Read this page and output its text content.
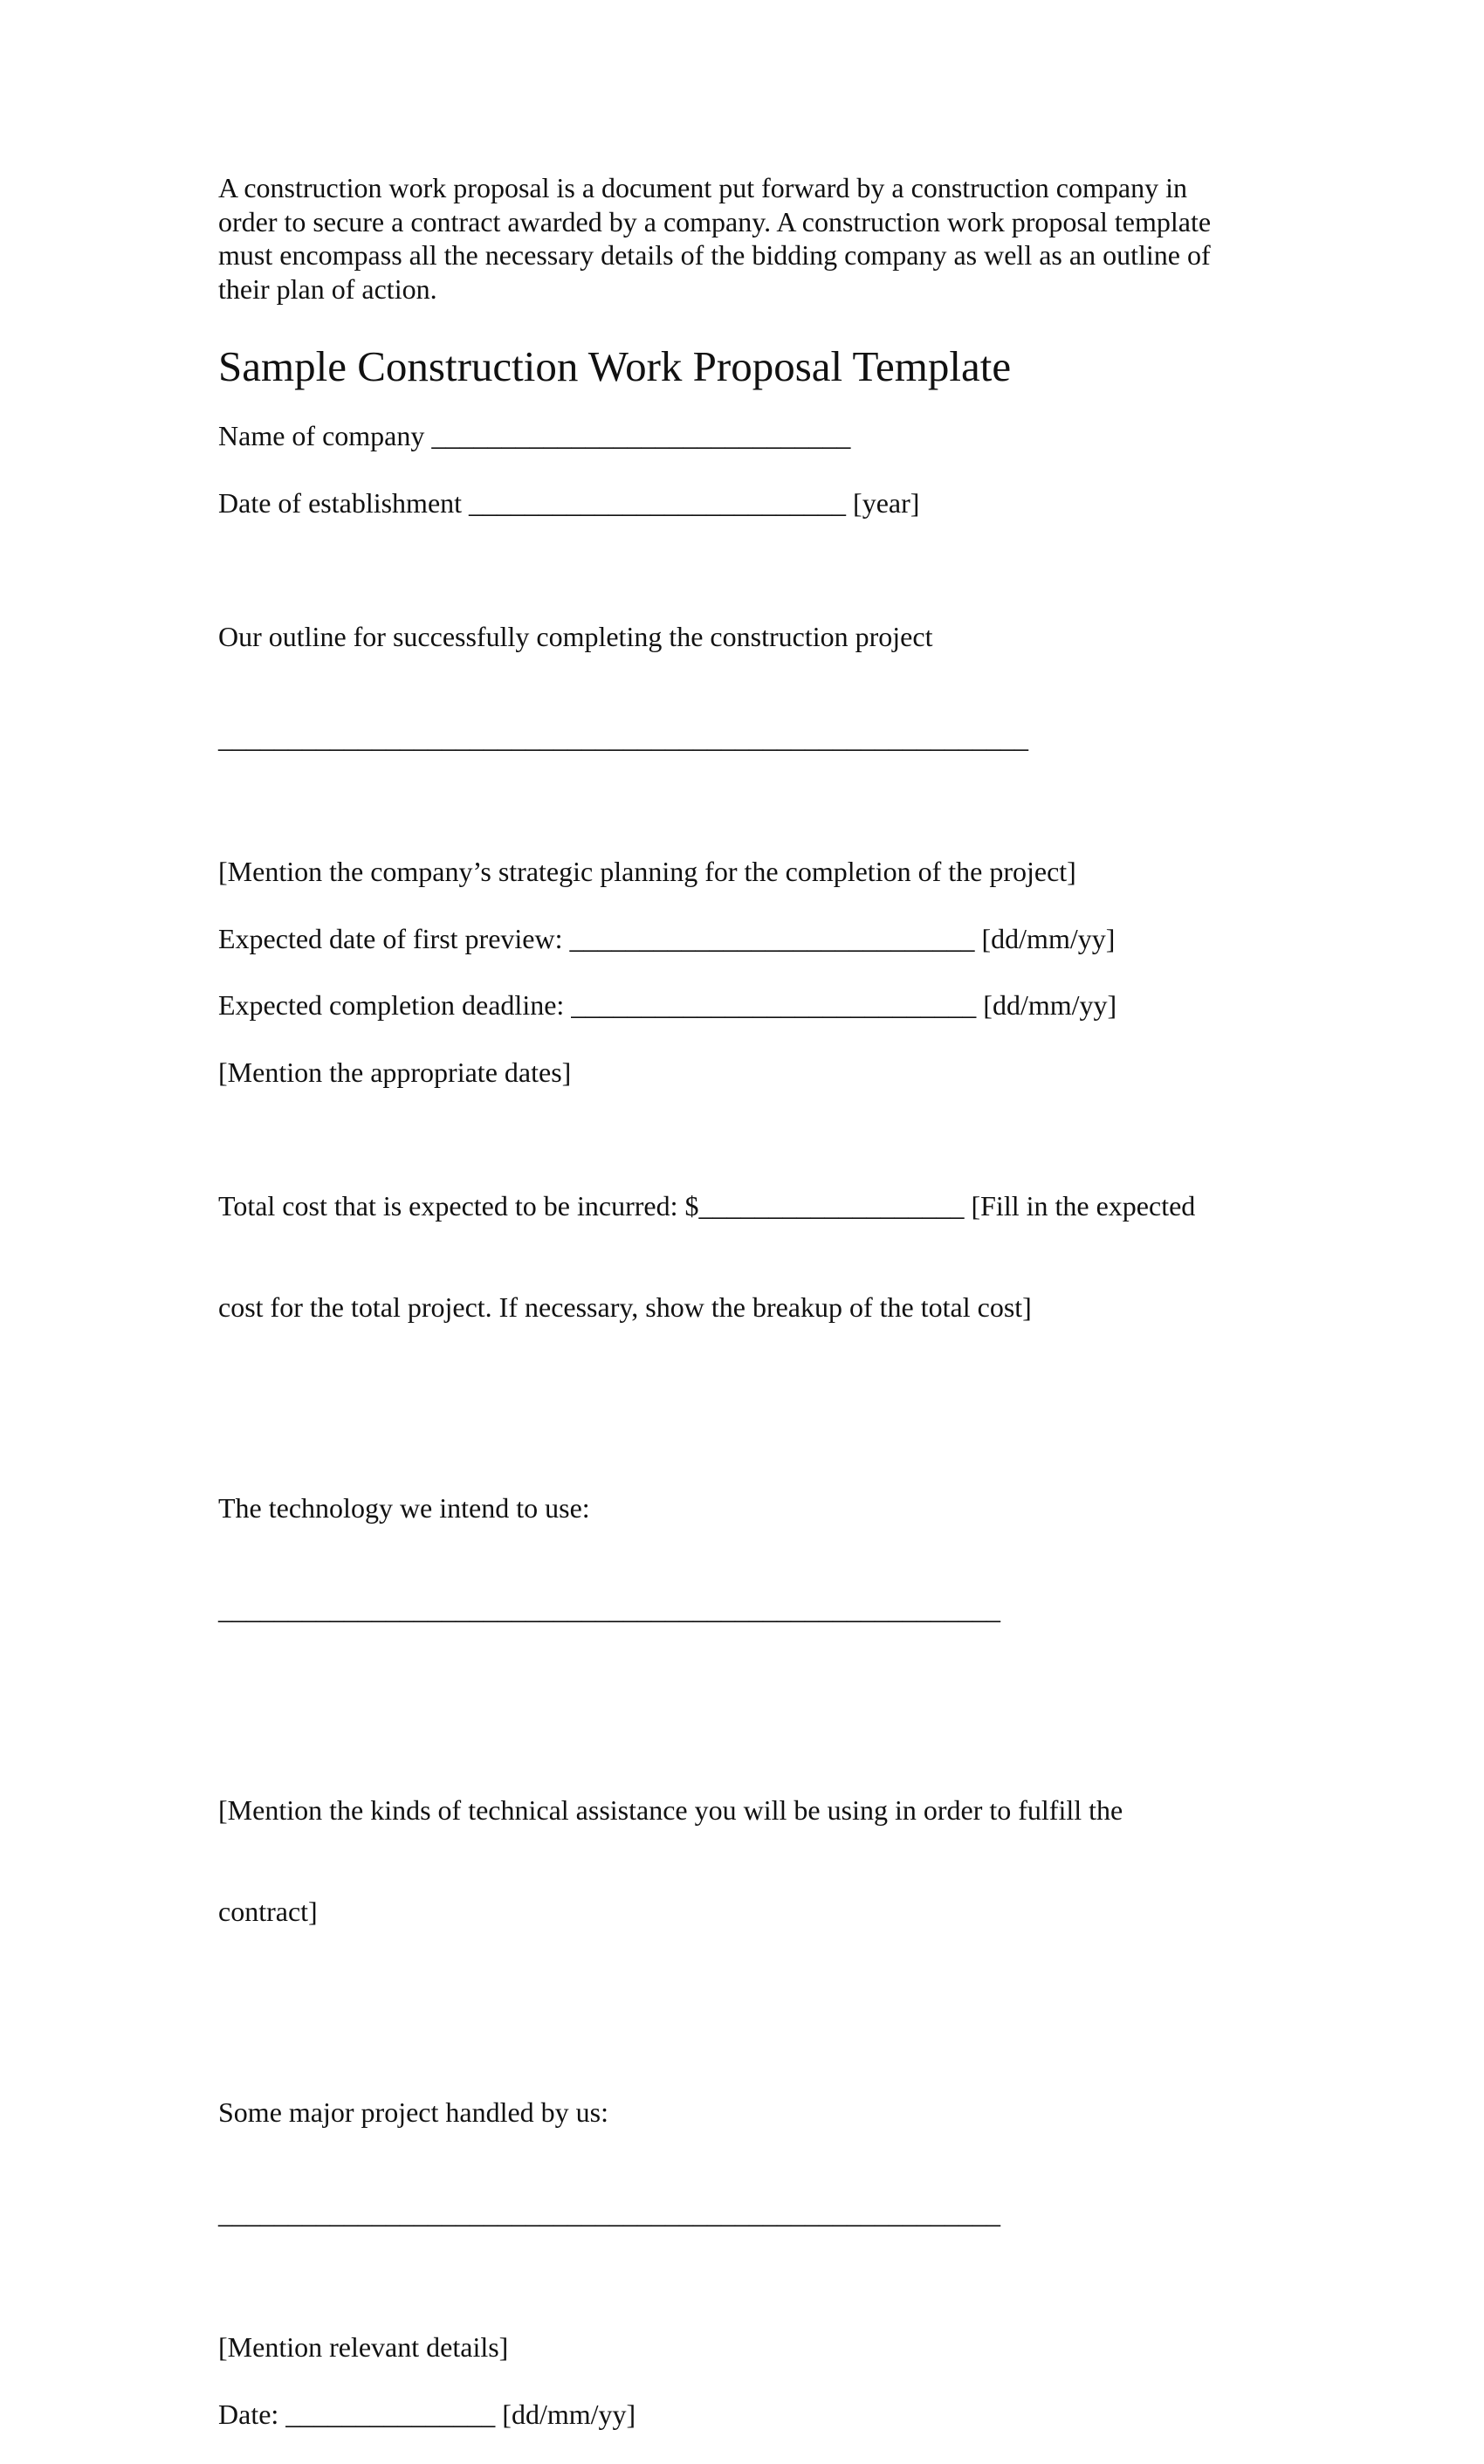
A construction work proposal is a document put forward by a construction company in
order to secure a contract awarded by a company. A construction work proposal template
must encompass all the necessary details of the bidding company as well as an outline of
their plan of action.
Sample Construction Work Proposal Template
Name of company ______________________________
Date of establishment ___________________________ [year]

Our outline for successfully completing the construction project

__________________________________________________________

[Mention the company’s strategic planning for the completion of the project]
Expected date of first preview: _____________________________ [dd/mm/yy]
Expected completion deadline: _____________________________ [dd/mm/yy]
[Mention the appropriate dates]

Total cost that is expected to be incurred: $___________________ [Fill in the expected

cost for the total project. If necessary, show the breakup of the total cost]

The technology we intend to use:

________________________________________________________

[Mention the kinds of technical assistance you will be using in order to fulfill the

contract]

Some major project handled by us:

________________________________________________________

[Mention relevant details]
Date: _______________ [dd/mm/yy]
